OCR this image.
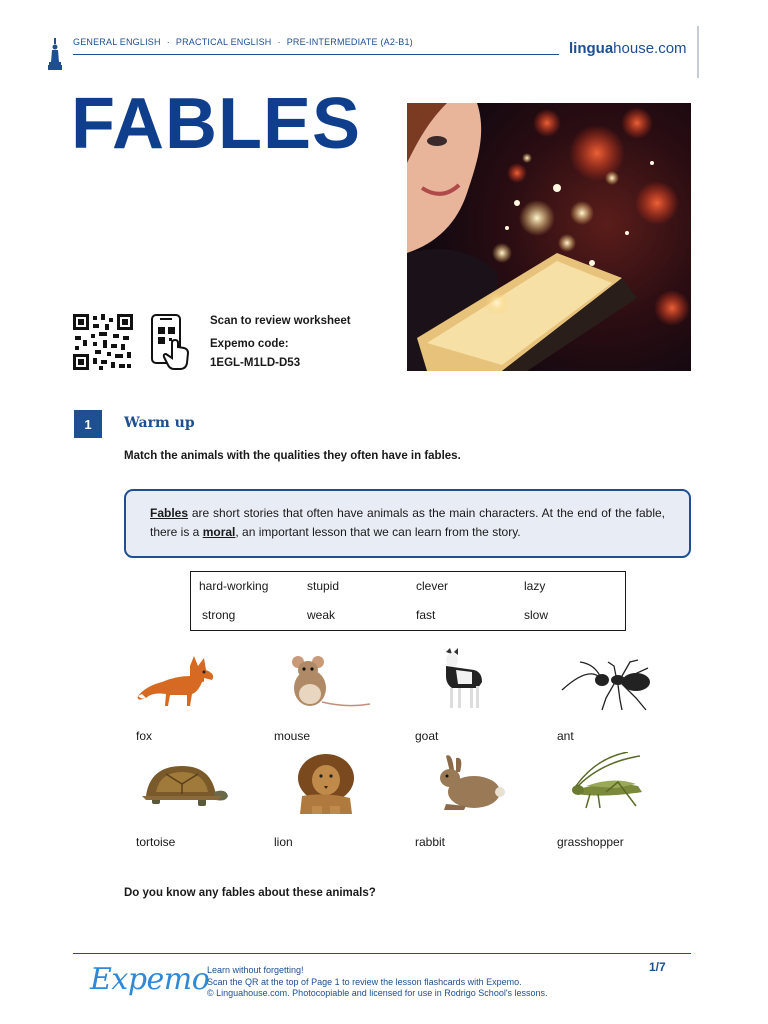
GENERAL ENGLISH · PRACTICAL ENGLISH · PRE-INTERMEDIATE (A2-B1)	linguahouse.com
FABLES
Scan to review worksheet
Expemo code:
1EGL-M1LD-D53
1	Warm up
Match the animals with the qualities they often have in fables.
Fables are short stories that often have animals as the main characters. At the end of the fable, there is a moral, an important lesson that we can learn from the story.
hard-working	stupid	clever	lazy
strong	weak	fast	slow
fox	mouse	goat	ant
tortoise	lion	rabbit	grasshopper
Do you know any fables about these animals?
Expemo
Learn without forgetting!
Scan the QR at the top of Page 1 to review the lesson flashcards with Expemo.
© Linguahouse.com. Photocopiable and licensed for use in Rodrigo School's lessons.
1/7
